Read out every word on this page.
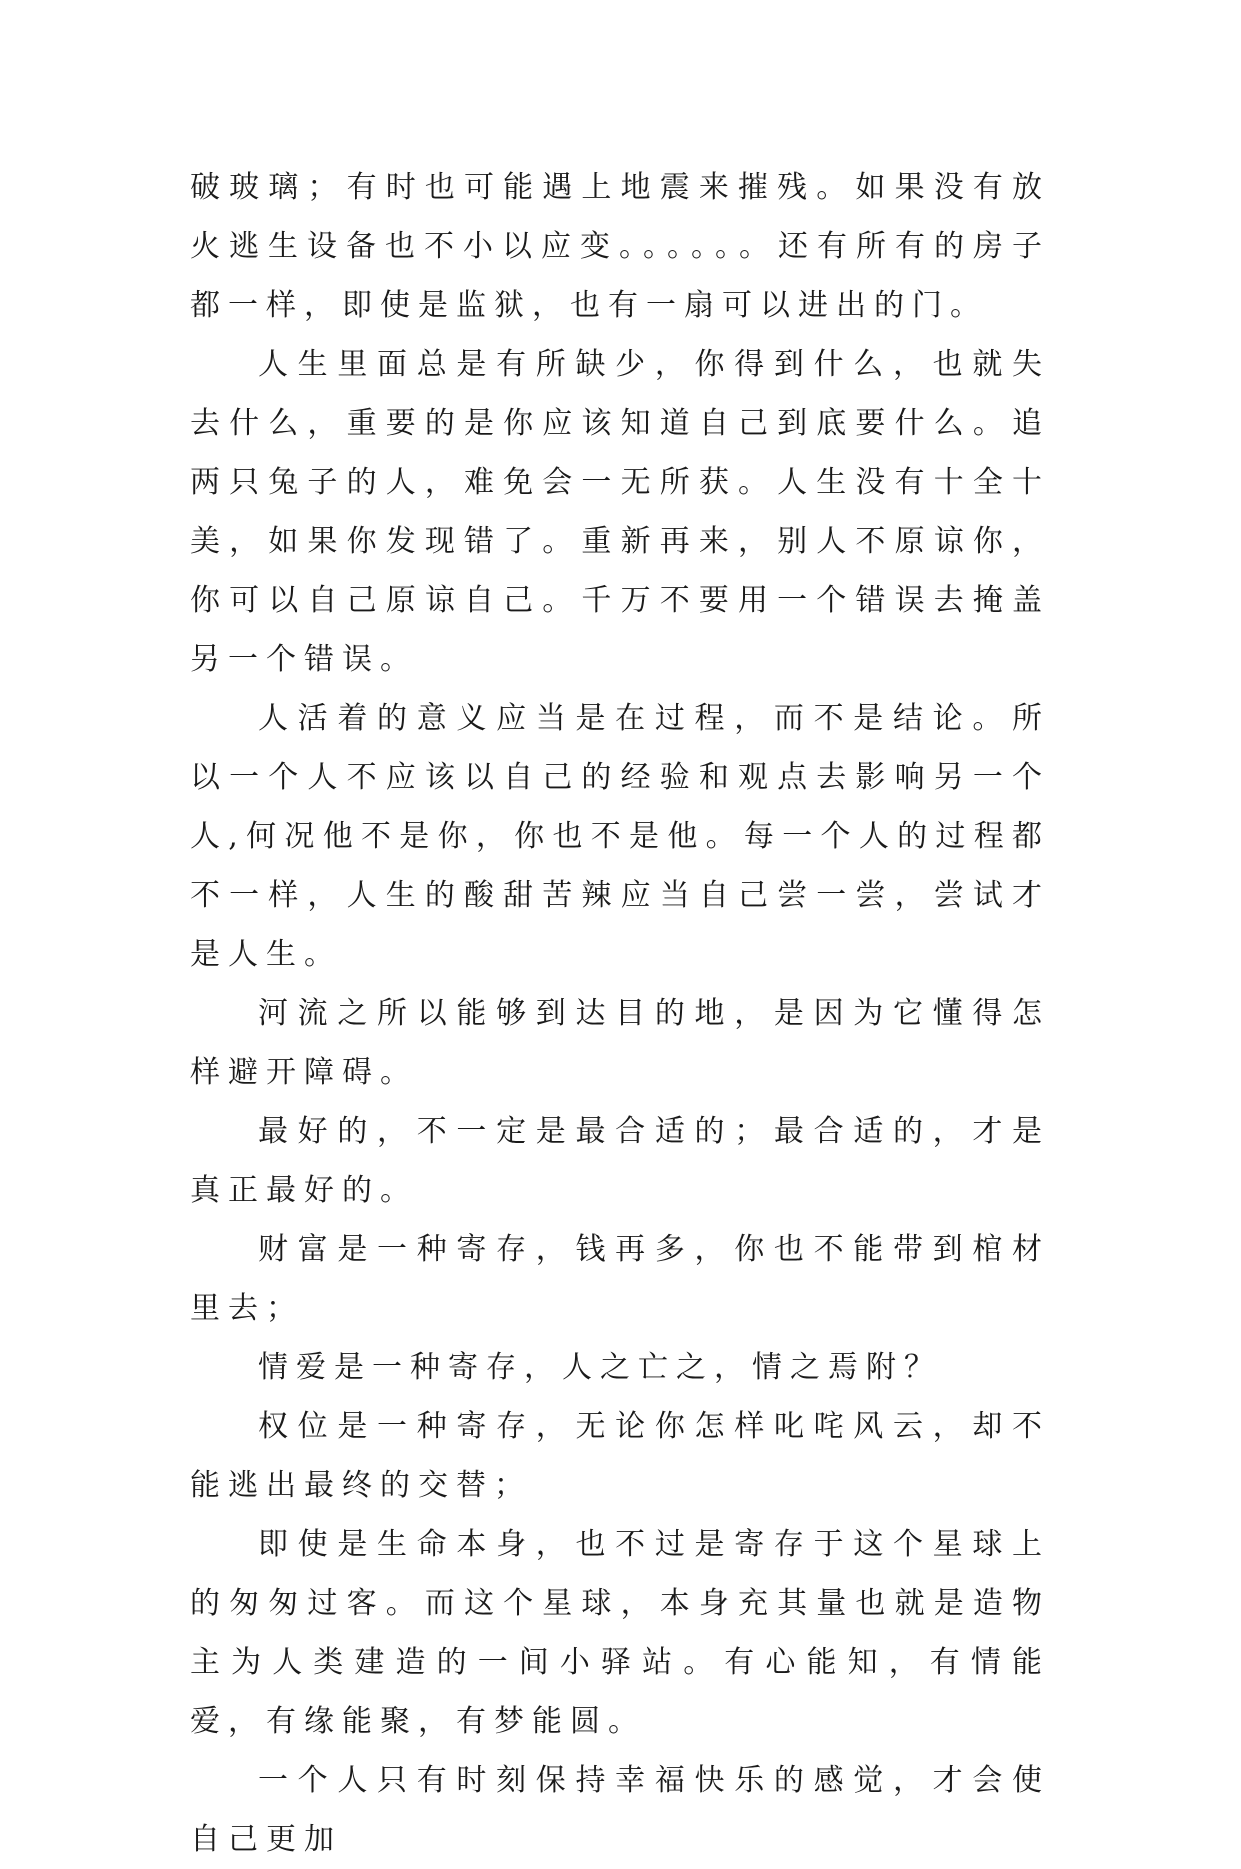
破玻璃；有时也可能遇上地震来摧残。如果没有放火逃生设备也不小以应变。。。。。。还有所有的房子都一样，即使是监狱，也有一扇可以进出的门。

人生里面总是有所缺少，你得到什么，也就失去什么，重要的是你应该知道自己到底要什么。追两只兔子的人，难免会一无所获。人生没有十全十美，如果你发现错了。重新再来，别人不原谅你，你可以自己原谅自己。千万不要用一个错误去掩盖另一个错误。

人活着的意义应当是在过程，而不是结论。所以一个人不应该以自己的经验和观点去影响另一个人,何况他不是你，你也不是他。每一个人的过程都不一样，人生的酸甜苦辣应当自己尝一尝，尝试才是人生。

河流之所以能够到达目的地，是因为它懂得怎样避开障碍。

最好的，不一定是最合适的；最合适的，才是真正最好的。

财富是一种寄存，钱再多，你也不能带到棺材里去；

情爱是一种寄存，人之亡之，情之焉附？

权位是一种寄存，无论你怎样叱咤风云，却不能逃出最终的交替；

即使是生命本身，也不过是寄存于这个星球上的匆匆过客。而这个星球，本身充其量也就是造物主为人类建造的一间小驿站。有心能知，有情能爱，有缘能聚，有梦能圆。

一个人只有时刻保持幸福快乐的感觉，才会使自己更加
